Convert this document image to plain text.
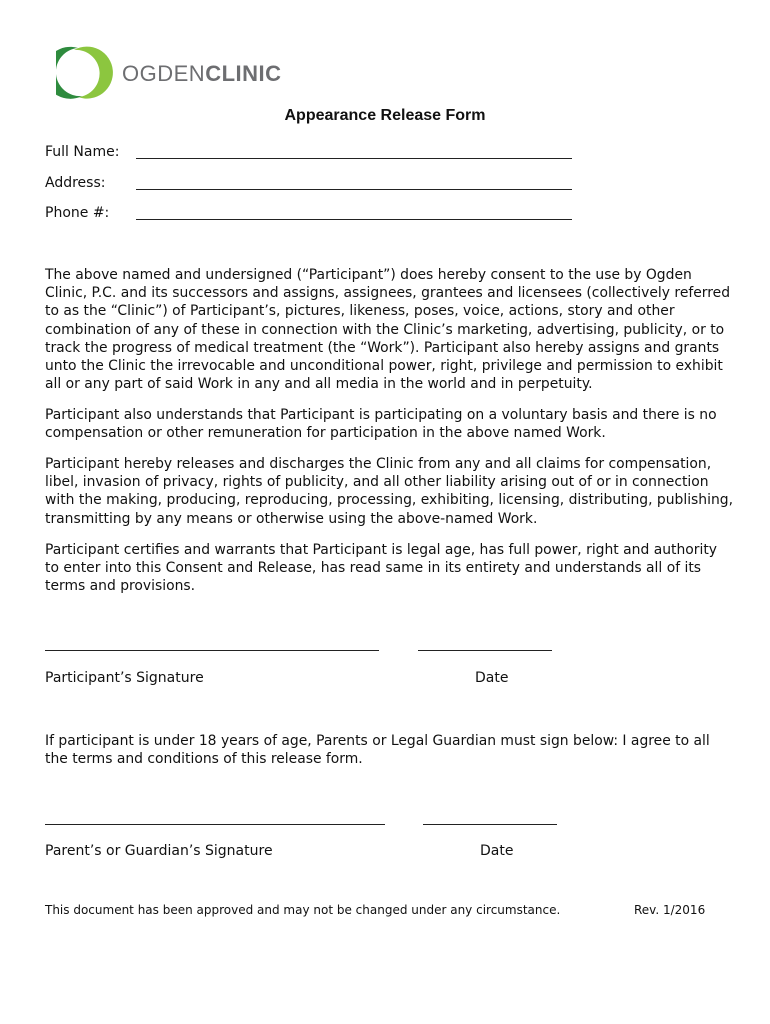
OGDENCLINIC
Appearance Release Form
Full Name:
Address:
Phone #:

The above named and undersigned (“Participant”) does hereby consent to the use by Ogden Clinic, P.C. and its successors and assigns, assignees, grantees and licensees (collectively referred to as the “Clinic”) of Participant’s, pictures, likeness, poses, voice, actions, story and other combination of any of these in connection with the Clinic’s marketing, advertising, publicity, or to track the progress of medical treatment (the “Work”). Participant also hereby assigns and grants unto the Clinic the irrevocable and unconditional power, right, privilege and permission to exhibit all or any part of said Work in any and all media in the world and in perpetuity.

Participant also understands that Participant is participating on a voluntary basis and there is no compensation or other remuneration for participation in the above named Work.

Participant hereby releases and discharges the Clinic from any and all claims for compensation, libel, invasion of privacy, rights of publicity, and all other liability arising out of or in connection with the making, producing, reproducing, processing, exhibiting, licensing, distributing, publishing, transmitting by any means or otherwise using the above-named Work.

Participant certifies and warrants that Participant is legal age, has full power, right and authority to enter into this Consent and Release, has read same in its entirety and understands all of its terms and provisions.

Participant’s Signature	Date

If participant is under 18 years of age, Parents or Legal Guardian must sign below: I agree to all the terms and conditions of this release form.

Parent’s or Guardian’s Signature	Date
This document has been approved and may not be changed under any circumstance.	Rev. 1/2016
